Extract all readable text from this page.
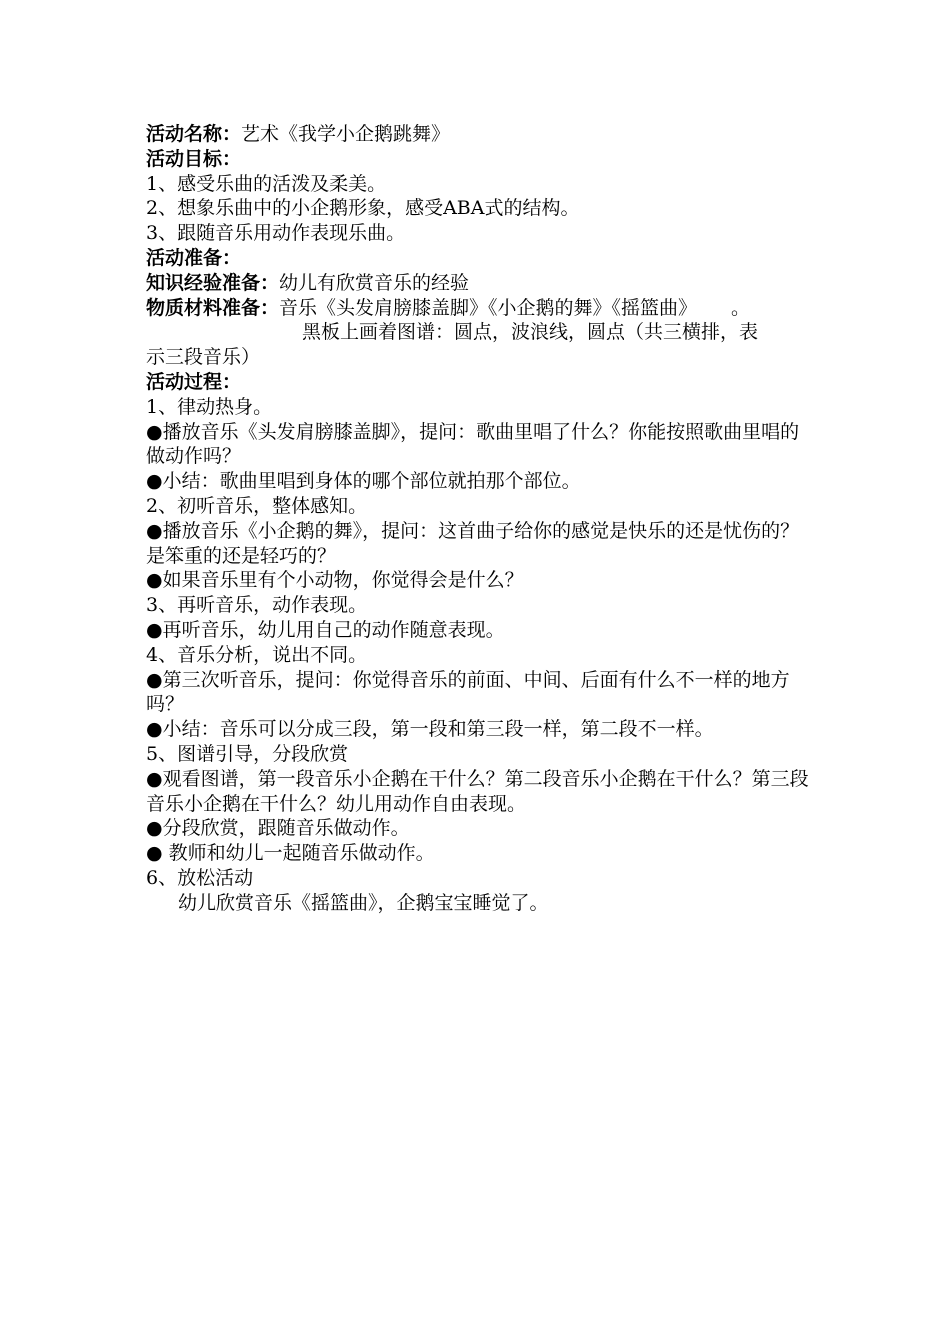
活动名称：艺术《我学小企鹅跳舞》

活动目标：

1、感受乐曲的活泼及柔美。

2、想象乐曲中的小企鹅形象，感受ABA式的结构。

3、跟随音乐用动作表现乐曲。

活动准备：

知识经验准备：幼儿有欣赏音乐的经验

物质材料准备：音乐《头发肩膀膝盖脚》《小企鹅的舞》《摇篮曲》 。

黑板上画着图谱：圆点，波浪线，圆点（共三横排，表

示三段音乐）

活动过程：

1、律动热身。

●播放音乐《头发肩膀膝盖脚》，提问：歌曲里唱了什么？你能按照歌曲里唱的做动作吗？

●小结：歌曲里唱到身体的哪个部位就拍那个部位。

2、初听音乐，整体感知。

●播放音乐《小企鹅的舞》，提问：这首曲子给你的感觉是快乐的还是忧伤的？是笨重的还是轻巧的？

●如果音乐里有个小动物，你觉得会是什么？

3、再听音乐，动作表现。

●再听音乐，幼儿用自己的动作随意表现。

4、音乐分析，说出不同。

●第三次听音乐，提问：你觉得音乐的前面、中间、后面有什么不一样的地方吗？

●小结：音乐可以分成三段，第一段和第三段一样，第二段不一样。

5、图谱引导，分段欣赏

●观看图谱，第一段音乐小企鹅在干什么？第二段音乐小企鹅在干什么？第三段音乐小企鹅在干什么？幼儿用动作自由表现。

●分段欣赏，跟随音乐做动作。

● 教师和幼儿一起随音乐做动作。

6、放松活动

幼儿欣赏音乐《摇篮曲》，企鹅宝宝睡觉了。
